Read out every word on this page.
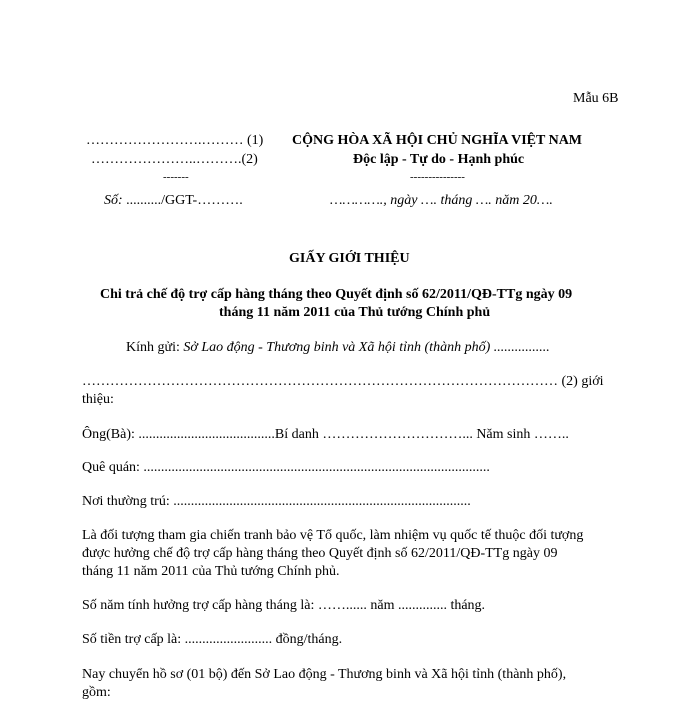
Mẫu 6B
…………………….……… (1)
…………………..……….(2)
-------
Số: ........../GGT-……….
CỘNG HÒA XÃ HỘI CHỦ NGHĨA VIỆT NAM
Độc lập - Tự do - Hạnh phúc
---------------
…………., ngày …. tháng …. năm 20….
GIẤY GIỚI THIỆU
Chi trả chế độ trợ cấp hàng tháng theo Quyết định số 62/2011/QĐ-TTg ngày 09
tháng 11 năm 2011 của Thủ tướng Chính phủ
Kính gửi: Sở Lao động - Thương binh và Xã hội tỉnh (thành phố) ................
………………………………………………………………………………………… (2) giới
thiệu:
Ông(Bà): .......................................Bí danh …………………………... Năm sinh ……..
Quê quán: ...................................................................................................
Nơi thường trú: .....................................................................................
Là đối tượng tham gia chiến tranh bảo vệ Tổ quốc, làm nhiệm vụ quốc tế thuộc đối tượng
được hưởng chế độ trợ cấp hàng tháng theo Quyết định số 62/2011/QĐ-TTg ngày 09
tháng 11 năm 2011 của Thủ tướng Chính phủ.
Số năm tính hưởng trợ cấp hàng tháng là: ……...... năm .............. tháng.
Số tiền trợ cấp là: ......................... đồng/tháng.
Nay chuyển hồ sơ (01 bộ) đến Sở Lao động - Thương binh và Xã hội tỉnh (thành phố),
gồm:
